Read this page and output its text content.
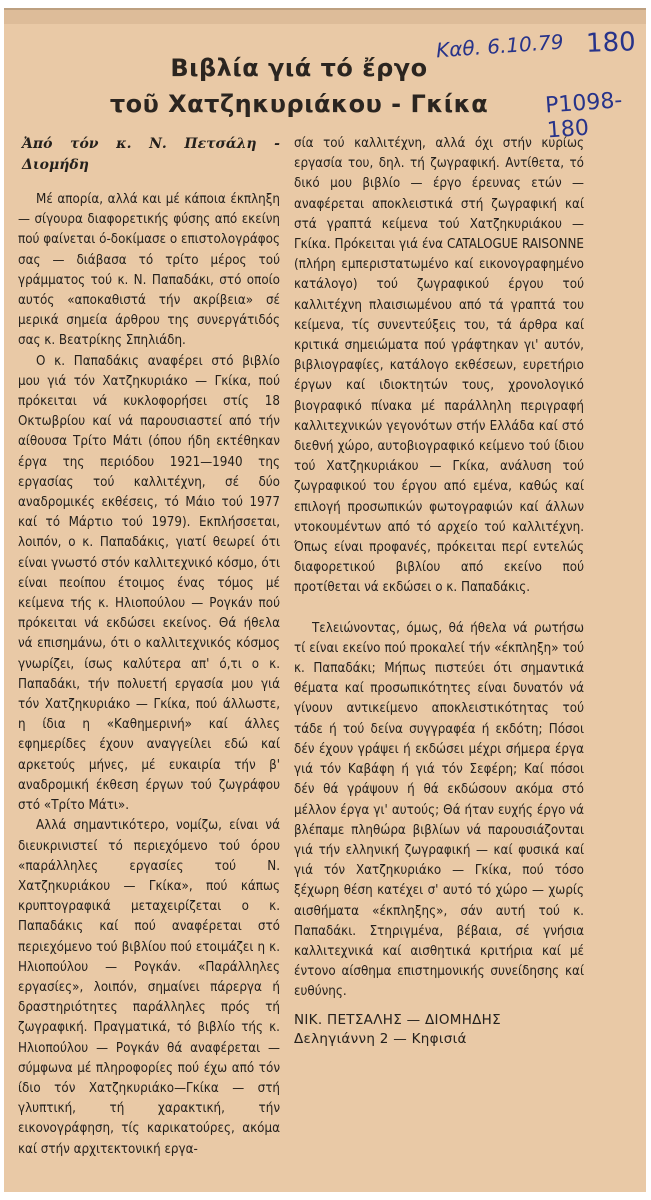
Βιβλία γιά τό ἔργο
τοῦ Χατζηκυριάκου - Γκίκα
Καθ. 6.10.79 180
Ρ1098-180
Ἀπό τόν κ. Ν. Πετσάλη - Διομήδη

Μέ απορία, αλλά και μέ κάποια έκπληξη — σίγουρα διαφορετικής φύσης από εκείνη πού φαίνεται ό-δοκίμασε ο επιστολογράφος σας — διάβασα τό τρίτο μέρος τού γράμματος τού κ. Ν. Παπαδάκι, στό οποίο αυτός «αποκαθιστά τήν ακρίβεια» σέ μερικά σημεία άρθρου της συνεργάτιδός σας κ. Βεατρίκης Σπηλιάδη.

Ο κ. Παπαδάκις αναφέρει στό βιβλίο μου γιά τόν Χατζηκυριάκο — Γκίκα, πού πρόκειται νά κυκλοφορήσει στίς 18 Οκτωβρίου καί νά παρουσιαστεί από τήν αίθουσα Τρίτο Μάτι (όπου ήδη εκτέθηκαν έργα της περιόδου 1921—1940 της εργασίας τού καλλιτέχνη, σέ δύο αναδρομικές εκθέσεις, τό Μάιο τού 1977 καί τό Μάρτιο τού 1979). Εκπλήσσεται, λοιπόν, ο κ. Παπαδάκις, γιατί θεωρεί ότι είναι γνωστό στόν καλλιτεχνικό κόσμο, ότι είναι πεοίπου έτοιμος ένας τόμος μέ κείμενα τής κ. Ηλιοπούλου — Ρογκάν πού πρόκειται νά εκδώσει εκείνος. Θά ήθελα νά επισημάνω, ότι ο καλλιτεχνικός κόσμος γνωρίζει, ίσως καλύτερα απ' ό,τι ο κ. Παπαδάκι, τήν πολυετή εργασία μου γιά τόν Χατζηκυριάκο — Γκίκα, πού άλλωστε, η ίδια η «Καθημερινή» καί άλλες εφημερίδες έχουν αναγγείλει εδώ καί αρκετούς μήνες, μέ ευκαιρία τήν β' αναδρομική έκθεση έργων τού ζωγράφου στό «Τρίτο Μάτι».

Αλλά σημαντικότερο, νομίζω, είναι νά διευκρινιστεί τό περιεχόμενο τού όρου «παράλληλες εργασίες τού Ν. Χατζηκυριάκου — Γκίκα», πού κάπως κρυπτογραφικά μεταχειρίζεται ο κ. Παπαδάκις καί πού αναφέρεται στό περιεχόμενο τού βιβλίου πού ετοιμάζει η κ. Ηλιοπούλου — Ρογκάν. «Παράλληλες εργασίες», λοιπόν, σημαίνει πάρεργα ή δραστηριότητες παράλληλες πρός τή ζωγραφική. Πραγματικά, τό βιβλίο τής κ. Ηλιοπούλου — Ρογκάν θά αναφέρεται — σύμφωνα μέ πληροφορίες πού έχω από τόν ίδιο τόν Χατζηκυριάκο—Γκίκα — στή γλυπτική, τή χαρακτική, τήν εικονογράφηση, τίς καρικατούρες, ακόμα καί στήν αρχιτεκτονική εργα-

σία τού καλλιτέχνη, αλλά όχι στήν κυρίως εργασία του, δηλ. τή ζωγραφική. Αντίθετα, τό δικό μου βιβλίο — έργο έρευνας ετών — αναφέρεται αποκλειστικά στή ζωγραφική καί στά γραπτά κείμενα τού Χατζηκυριάκου — Γκίκα. Πρόκειται γιά ένα CATALOGUE RAISONNE (πλήρη εμπεριστατωμένο καί εικονογραφημένο κατάλογο) τού ζωγραφικού έργου τού καλλιτέχνη πλαισιωμένου από τά γραπτά του κείμενα, τίς συνεντεύξεις του, τά άρθρα καί κριτικά σημειώματα πού γράφτηκαν γι' αυτόν, βιβλιογραφίες, κατάλογο εκθέσεων, ευρετήριο έργων καί ιδιοκτητών τους, χρονολογικό βιογραφικό πίνακα μέ παράλληλη περιγραφή καλλιτεχνικών γεγονότων στήν Ελλάδα καί στό διεθνή χώρο, αυτοβιογραφικό κείμενο τού ίδιου τού Χατζηκυριάκου — Γκίκα, ανάλυση τού ζωγραφικού του έργου από εμένα, καθώς καί επιλογή προσωπικών φωτογραφιών καί άλλων ντοκουμέντων από τό αρχείο τού καλλιτέχνη. Όπως είναι προφανές, πρόκειται περί εντελώς διαφορετικού βιβλίου από εκείνο πού προτίθεται νά εκδώσει ο κ. Παπαδάκις.

Τελειώνοντας, όμως, θά ήθελα νά ρωτήσω τί είναι εκείνο πού προκαλεί τήν «έκπληξη» τού κ. Παπαδάκι; Μήπως πιστεύει ότι σημαντικά θέματα καί προσωπικότητες είναι δυνατόν νά γίνουν αντικείμενο αποκλειστικότητας τού τάδε ή τού δείνα συγγραφέα ή εκδότη; Πόσοι δέν έχουν γράψει ή εκδώσει μέχρι σήμερα έργα γιά τόν Καβάφη ή γιά τόν Σεφέρη; Καί πόσοι δέν θά γράψουν ή θά εκδώσουν ακόμα στό μέλλον έργα γι' αυτούς; Θά ήταν ευχής έργο νά βλέπαμε πληθώρα βιβλίων νά παρουσιάζονται γιά τήν ελληνική ζωγραφική — καί φυσικά καί γιά τόν Χατζηκυριάκο — Γκίκα, πού τόσο ξέχωρη θέση κατέχει σ' αυτό τό χώρο — χωρίς αισθήματα «έκπληξης», σάν αυτή τού κ. Παπαδάκι. Στηριγμένα, βέβαια, σέ γνήσια καλλιτεχνικά καί αισθητικά κριτήρια καί μέ έντονο αίσθημα επιστημονικής συνείδησης καί ευθύνης.

ΝΙΚ. ΠΕΤΣΑΛΗΣ — ΔΙΟΜΗΔΗΣ
Δεληγιάννη 2 — Κηφισιά
